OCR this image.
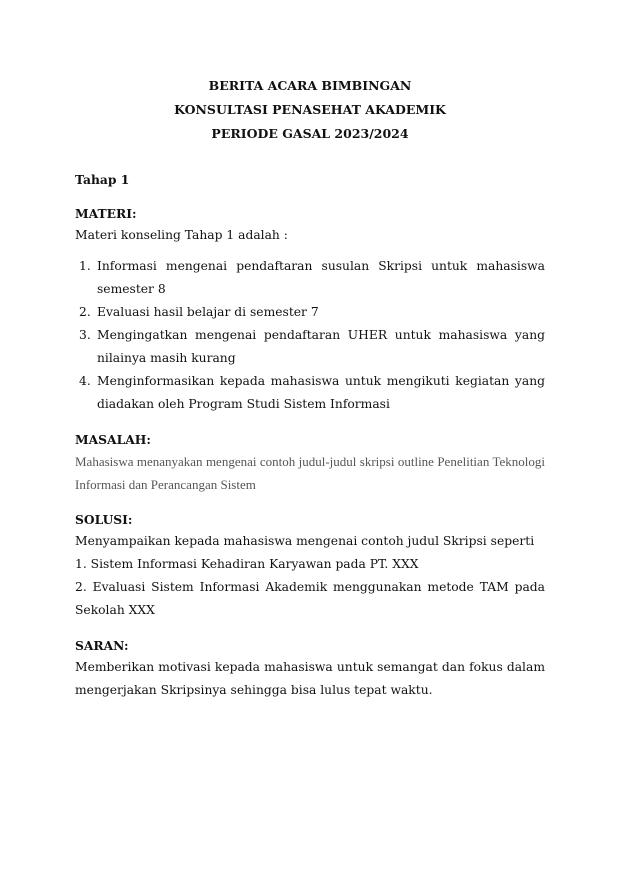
BERITA ACARA BIMBINGAN
KONSULTASI PENASEHAT AKADEMIK
PERIODE GASAL 2023/2024
Tahap 1
MATERI:
Materi konseling Tahap 1 adalah :
1. Informasi mengenai pendaftaran susulan Skripsi untuk mahasiswa semester 8
2. Evaluasi hasil belajar di semester 7
3. Mengingatkan mengenai pendaftaran UHER untuk mahasiswa yang nilainya masih kurang
4. Menginformasikan kepada mahasiswa untuk mengikuti kegiatan yang diadakan oleh Program Studi Sistem Informasi
MASALAH:
Mahasiswa menanyakan mengenai contoh judul-judul skripsi outline Penelitian Teknologi Informasi dan Perancangan Sistem
SOLUSI:
Menyampaikan kepada mahasiswa mengenai contoh judul Skripsi seperti
1. Sistem Informasi Kehadiran Karyawan pada PT. XXX
2. Evaluasi Sistem Informasi Akademik menggunakan metode TAM pada Sekolah XXX
SARAN:
Memberikan motivasi kepada mahasiswa untuk semangat dan fokus dalam mengerjakan Skripsinya sehingga bisa lulus tepat waktu.
